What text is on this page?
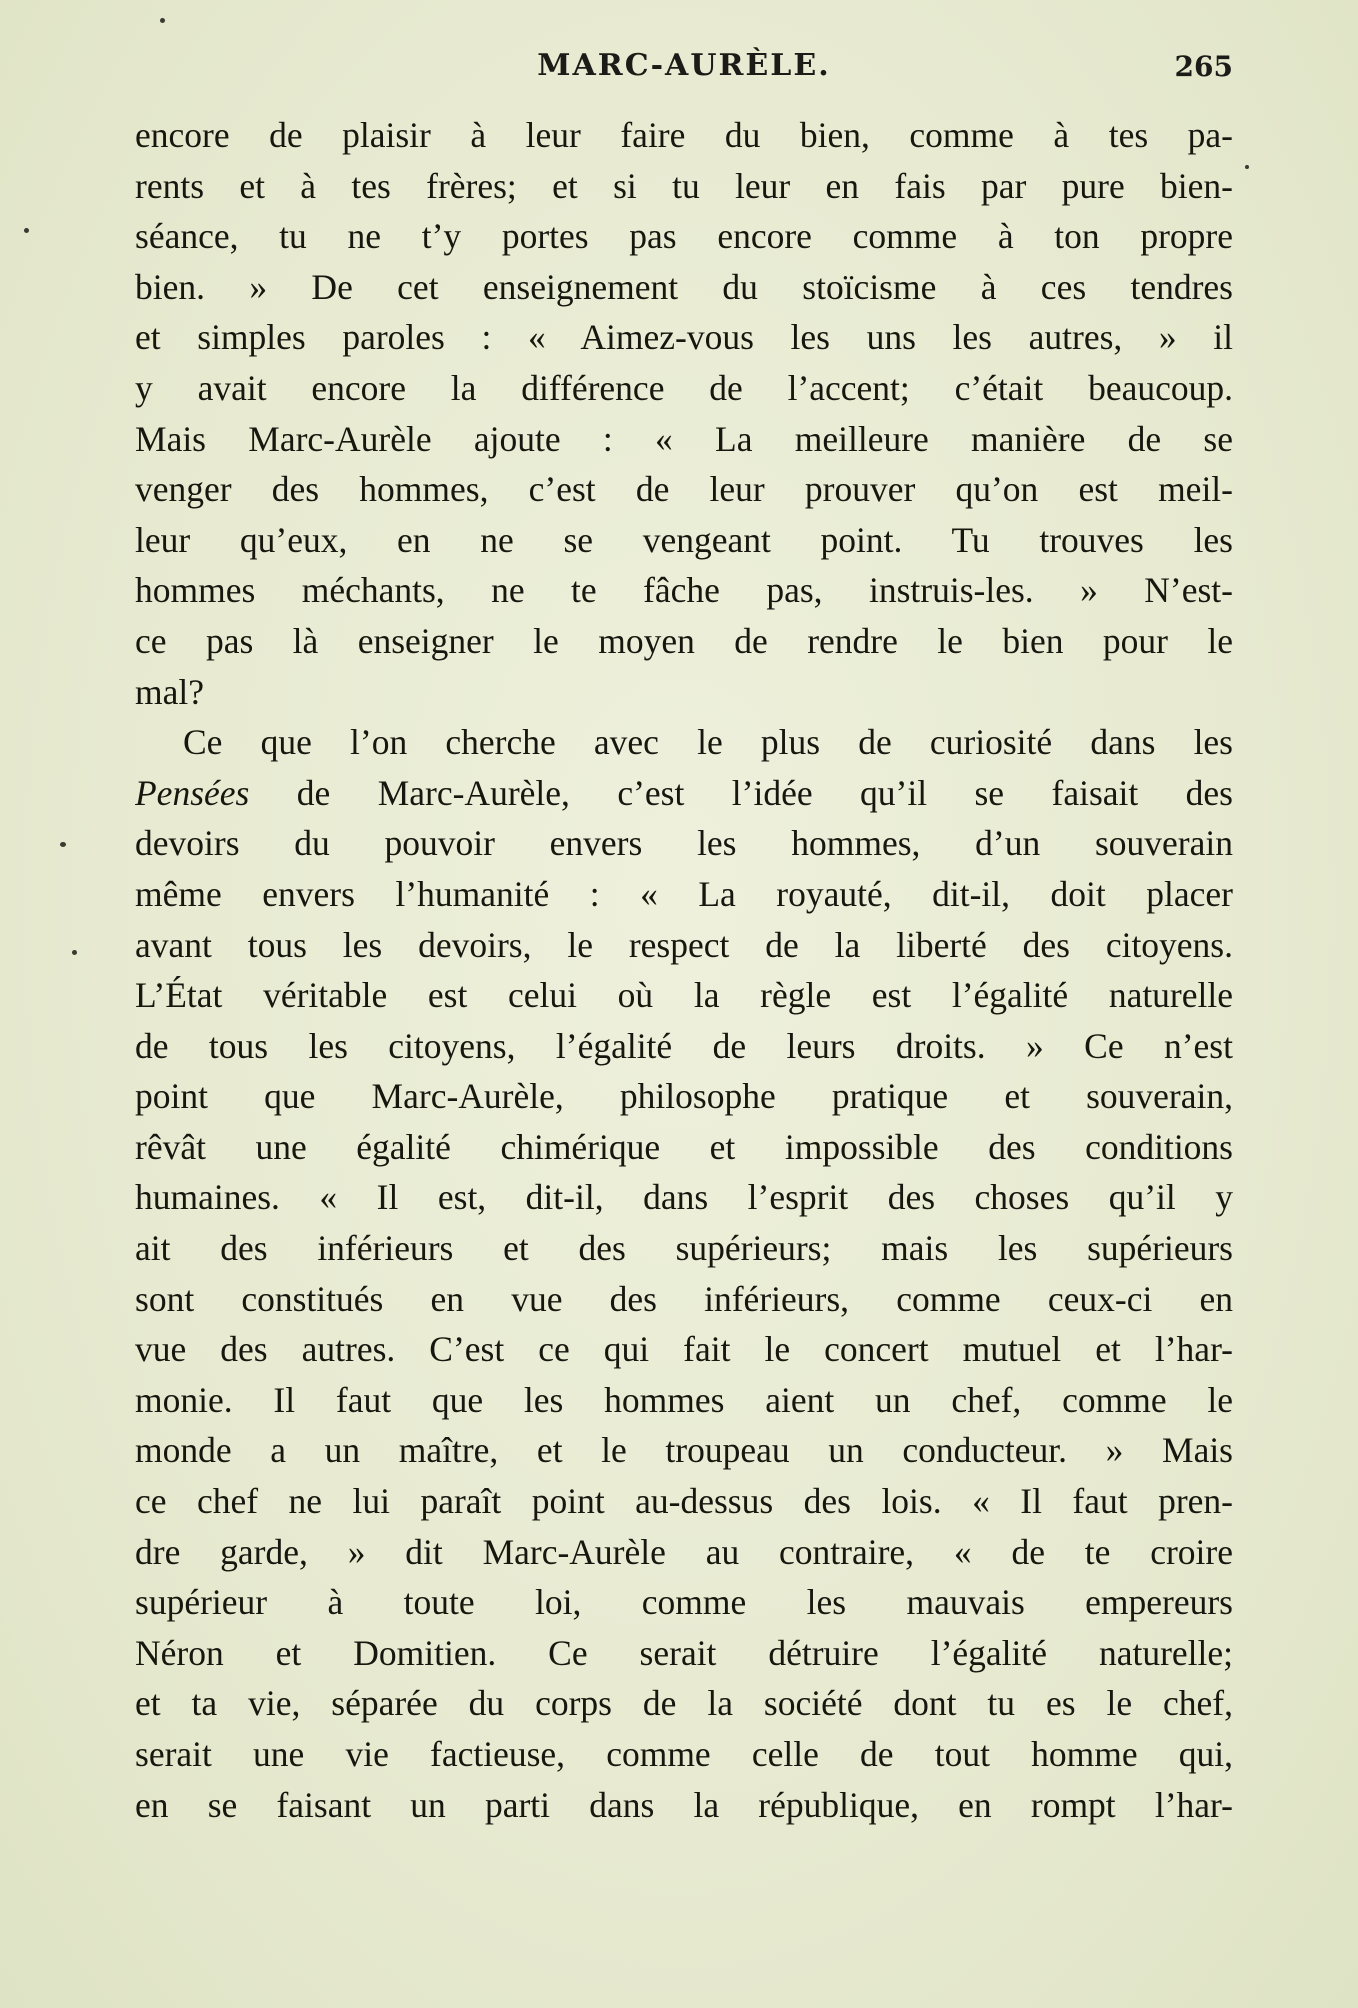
MARC-AURÈLE.	265
encore de plaisir à leur faire du bien, comme à tes pa-
rents et à tes frères; et si tu leur en fais par pure bien-
séance, tu ne t’y portes pas encore comme à ton propre
bien. » De cet enseignement du stoïcisme à ces tendres
et simples paroles : « Aimez-vous les uns les autres, » il
y avait encore la différence de l’accent; c’était beaucoup.
Mais Marc-Aurèle ajoute : « La meilleure manière de se
venger des hommes, c’est de leur prouver qu’on est meil-
leur qu’eux, en ne se vengeant point. Tu trouves les
hommes méchants, ne te fâche pas, instruis-les. » N’est-
ce pas là enseigner le moyen de rendre le bien pour le
mal?
Ce que l’on cherche avec le plus de curiosité dans les
Pensées de Marc-Aurèle, c’est l’idée qu’il se faisait des
devoirs du pouvoir envers les hommes, d’un souverain
même envers l’humanité : « La royauté, dit-il, doit placer
avant tous les devoirs, le respect de la liberté des citoyens.
L’État véritable est celui où la règle est l’égalité naturelle
de tous les citoyens, l’égalité de leurs droits. » Ce n’est
point que Marc-Aurèle, philosophe pratique et souverain,
rêvât une égalité chimérique et impossible des conditions
humaines. « Il est, dit-il, dans l’esprit des choses qu’il y
ait des inférieurs et des supérieurs; mais les supérieurs
sont constitués en vue des inférieurs, comme ceux-ci en
vue des autres. C’est ce qui fait le concert mutuel et l’har-
monie. Il faut que les hommes aient un chef, comme le
monde a un maître, et le troupeau un conducteur. » Mais
ce chef ne lui paraît point au-dessus des lois. « Il faut pren-
dre garde, » dit Marc-Aurèle au contraire, « de te croire
supérieur à toute loi, comme les mauvais empereurs
Néron et Domitien. Ce serait détruire l’égalité naturelle;
et ta vie, séparée du corps de la société dont tu es le chef,
serait une vie factieuse, comme celle de tout homme qui,
en se faisant un parti dans la république, en rompt l’har-
